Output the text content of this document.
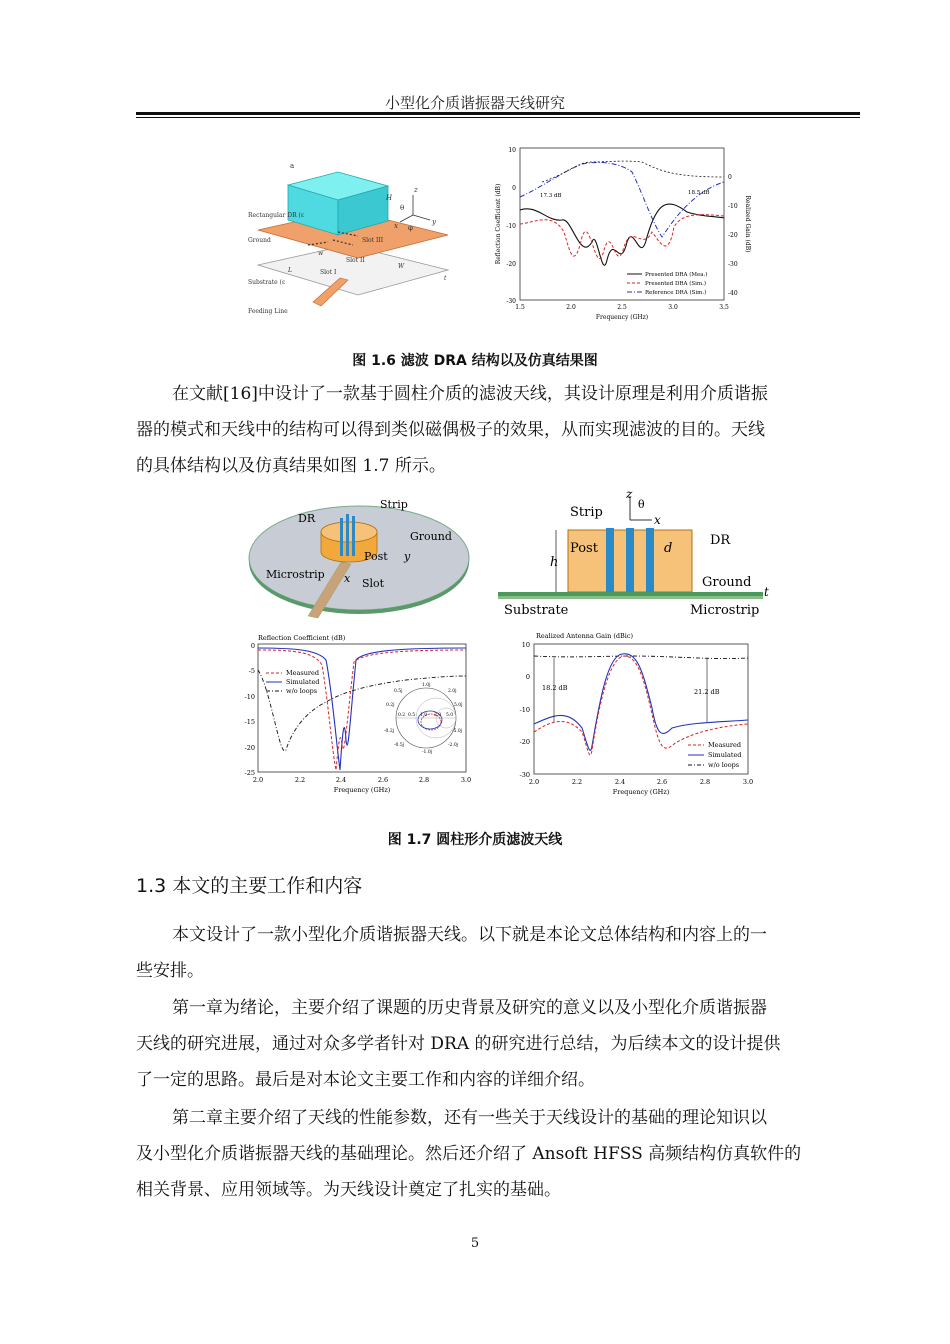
小型化介质谐振器天线研究
a
H
z
θ
φ
x	y
Rectangular DR (ε
Ground	Slot III
Slot II
Slot I
Substrate (ε
Feeding Line
L
W
w
t
10
0
-10
-20
-30
0
-10
-20
-30
-40
1.5	2.0	2.5	3.0	3.5
Frequency (GHz)
Reflection Coefficient (dB)	Realized Gain (dB)
17.3 dB	18.5 dB
Presented DRA (Mea.)
Presented DRA (Sim.)
Reference DRA (Sim.)
图 1.6 滤波 DRA 结构以及仿真结果图
在文献[16]中设计了一款基于圆柱介质的滤波天线，其设计原理是利用介质谐振
器的模式和天线中的结构可以得到类似磁偶极子的效果，从而实现滤波的目的。天线
的具体结构以及仿真结果如图 1.7 所示。
DR
Strip
Ground
Post y
Microstrip x Slot
Strip
z
θ
x
DR
Post	d
h
Ground
t
Substrate	Microstrip
Reflection Coefficient (dB)
0
-5
-10
-15
-20
-25
2.0	2.2	2.4	2.6	2.8	3.0
Frequency (GHz)
Measured
Simulated
w/o loops	0.5j
1.0j
2.0j
0.2j	5.0j
0.2 0.5 1.0 2.0 5.0
-0.2j	-5.0j
-0.5j	-2.0j
-1.0j
Realized Antenna Gain (dBic)
10
0
-10
-20
-30
2.0	2.2	2.4	2.6	2.8	3.0
Frequency (GHz)
18.2 dB	21.2 dB
Measured
Simulated
w/o loops
图 1.7 圆柱形介质滤波天线
1.3 本文的主要工作和内容
本文设计了一款小型化介质谐振器天线。以下就是本论文总体结构和内容上的一
些安排。
第一章为绪论，主要介绍了课题的历史背景及研究的意义以及小型化介质谐振器
天线的研究进展，通过对众多学者针对 DRA 的研究进行总结，为后续本文的设计提供
了一定的思路。最后是对本论文主要工作和内容的详细介绍。
第二章主要介绍了天线的性能参数，还有一些关于天线设计的基础的理论知识以
及小型化介质谐振器天线的基础理论。然后还介绍了 Ansoft HFSS 高频结构仿真软件的
相关背景、应用领域等。为天线设计奠定了扎实的基础。
5
